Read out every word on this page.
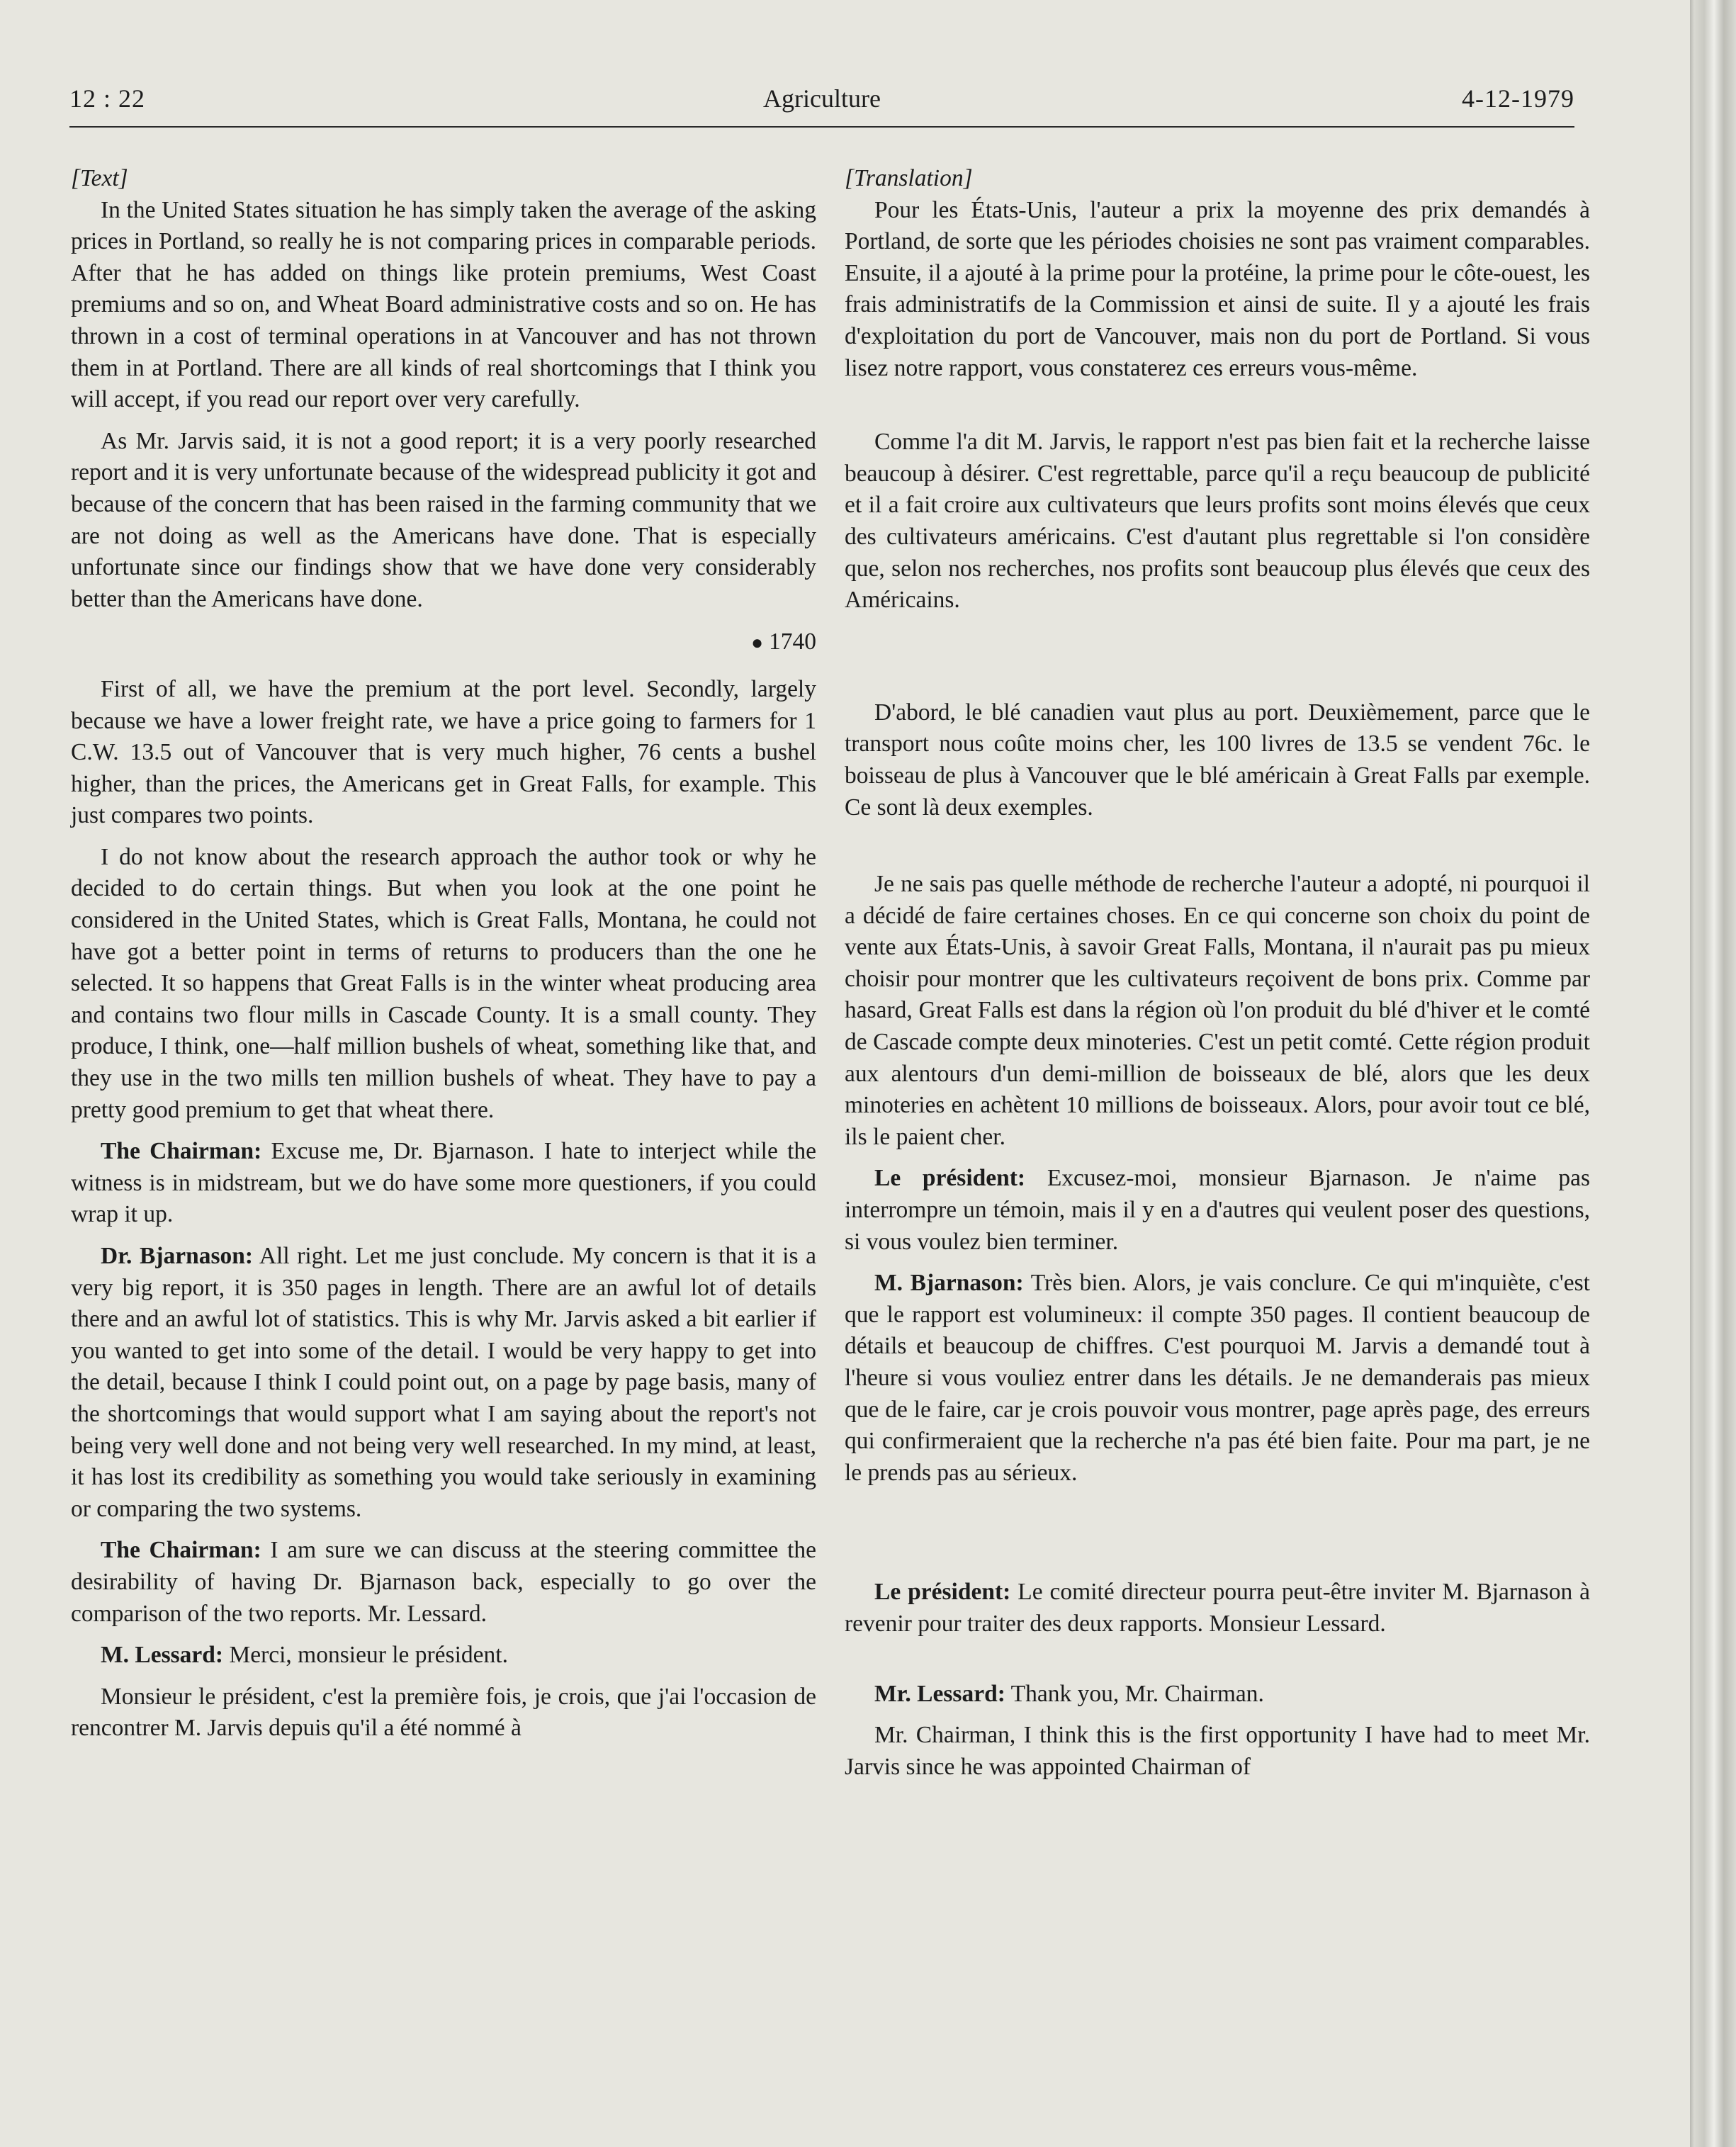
12 : 22	Agriculture	4-12-1979

[Text]

In the United States situation he has simply taken the average of the asking prices in Portland, so really he is not comparing prices in comparable periods. After that he has added on things like protein premiums, West Coast premiums and so on, and Wheat Board administrative costs and so on. He has thrown in a cost of terminal operations in at Vancouver and has not thrown them in at Portland. There are all kinds of real shortcomings that I think you will accept, if you read our report over very carefully.

As Mr. Jarvis said, it is not a good report; it is a very poorly researched report and it is very unfortunate because of the widespread publicity it got and because of the concern that has been raised in the farming community that we are not doing as well as the Americans have done. That is especially unfortunate since our findings show that we have done very considerably better than the Americans have done.

● 1740

First of all, we have the premium at the port level. Secondly, largely because we have a lower freight rate, we have a price going to farmers for 1 C.W. 13.5 out of Vancouver that is very much higher, 76 cents a bushel higher, than the prices, the Americans get in Great Falls, for example. This just compares two points.

I do not know about the research approach the author took or why he decided to do certain things. But when you look at the one point he considered in the United States, which is Great Falls, Montana, he could not have got a better point in terms of returns to producers than the one he selected. It so happens that Great Falls is in the winter wheat producing area and contains two flour mills in Cascade County. It is a small county. They produce, I think, one—half million bushels of wheat, something like that, and they use in the two mills ten million bushels of wheat. They have to pay a pretty good premium to get that wheat there.

The Chairman: Excuse me, Dr. Bjarnason. I hate to interject while the witness is in midstream, but we do have some more questioners, if you could wrap it up.

Dr. Bjarnason: All right. Let me just conclude. My concern is that it is a very big report, it is 350 pages in length. There are an awful lot of details there and an awful lot of statistics. This is why Mr. Jarvis asked a bit earlier if you wanted to get into some of the detail. I would be very happy to get into the detail, because I think I could point out, on a page by page basis, many of the shortcomings that would support what I am saying about the report's not being very well done and not being very well researched. In my mind, at least, it has lost its credibility as something you would take seriously in examining or comparing the two systems.

The Chairman: I am sure we can discuss at the steering committee the desirability of having Dr. Bjarnason back, especially to go over the comparison of the two reports. Mr. Lessard.

M. Lessard: Merci, monsieur le président.

Monsieur le président, c'est la première fois, je crois, que j'ai l'occasion de rencontrer M. Jarvis depuis qu'il a été nommé à

[Translation]

Pour les États-Unis, l'auteur a prix la moyenne des prix demandés à Portland, de sorte que les périodes choisies ne sont pas vraiment comparables. Ensuite, il a ajouté à la prime pour la protéine, la prime pour le côte-ouest, les frais administratifs de la Commission et ainsi de suite. Il y a ajouté les frais d'exploitation du port de Vancouver, mais non du port de Portland. Si vous lisez notre rapport, vous constaterez ces erreurs vous-même.

Comme l'a dit M. Jarvis, le rapport n'est pas bien fait et la recherche laisse beaucoup à désirer. C'est regrettable, parce qu'il a reçu beaucoup de publicité et il a fait croire aux cultivateurs que leurs profits sont moins élevés que ceux des cultivateurs américains. C'est d'autant plus regrettable si l'on considère que, selon nos recherches, nos profits sont beaucoup plus élevés que ceux des Américains.

D'abord, le blé canadien vaut plus au port. Deuxièmement, parce que le transport nous coûte moins cher, les 100 livres de 13.5 se vendent 76c. le boisseau de plus à Vancouver que le blé américain à Great Falls par exemple. Ce sont là deux exemples.

Je ne sais pas quelle méthode de recherche l'auteur a adopté, ni pourquoi il a décidé de faire certaines choses. En ce qui concerne son choix du point de vente aux États-Unis, à savoir Great Falls, Montana, il n'aurait pas pu mieux choisir pour montrer que les cultivateurs reçoivent de bons prix. Comme par hasard, Great Falls est dans la région où l'on produit du blé d'hiver et le comté de Cascade compte deux minoteries. C'est un petit comté. Cette région produit aux alentours d'un demi-million de boisseaux de blé, alors que les deux minoteries en achètent 10 millions de boisseaux. Alors, pour avoir tout ce blé, ils le paient cher.

Le président: Excusez-moi, monsieur Bjarnason. Je n'aime pas interrompre un témoin, mais il y en a d'autres qui veulent poser des questions, si vous voulez bien terminer.

M. Bjarnason: Très bien. Alors, je vais conclure. Ce qui m'inquiète, c'est que le rapport est volumineux: il compte 350 pages. Il contient beaucoup de détails et beaucoup de chiffres. C'est pourquoi M. Jarvis a demandé tout à l'heure si vous vouliez entrer dans les détails. Je ne demanderais pas mieux que de le faire, car je crois pouvoir vous montrer, page après page, des erreurs qui confirmeraient que la recherche n'a pas été bien faite. Pour ma part, je ne le prends pas au sérieux.

Le président: Le comité directeur pourra peut-être inviter M. Bjarnason à revenir pour traiter des deux rapports. Monsieur Lessard.

Mr. Lessard: Thank you, Mr. Chairman.

Mr. Chairman, I think this is the first opportunity I have had to meet Mr. Jarvis since he was appointed Chairman of
